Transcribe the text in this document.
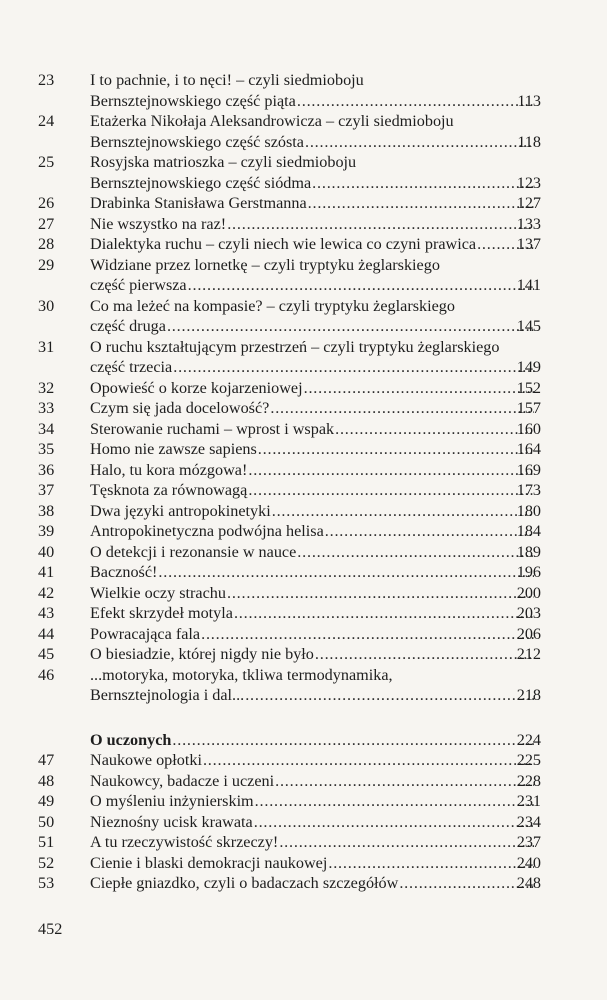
452
23	I to pachnie, i to nęci! – czyli siedmioboju
Bernsztejnowskiego część piąta .....	113
24	Etażerka Nikołaja Aleksandrowicza – czyli siedmioboju
Bernsztejnowskiego część szósta .....	118
25	Rosyjska matrioszka – czyli siedmioboju
Bernsztejnowskiego część siódma .....	123
26	Drabinka Stanisława Gerstmanna .....	127
27	Nie wszystko na raz! .....	133
28	Dialektyka ruchu – czyli niech wie lewica co czyni prawica .....	137
29	Widziane przez lornetkę – czyli tryptyku żeglarskiego
część pierwsza .....	141
30	Co ma leżeć na kompasie? – czyli tryptyku żeglarskiego
część druga .....	145
31	O ruchu kształtującym przestrzeń – czyli tryptyku żeglarskiego
część trzecia .....	149
32	Opowieść o korze kojarzeniowej .....	152
33	Czym się jada docelowość? .....	157
34	Sterowanie ruchami – wprost i wspak .....	160
35	Homo nie zawsze sapiens .....	164
36	Halo, tu kora mózgowa! .....	169
37	Tęsknota za równowagą .....	173
38	Dwa języki antropokinetyki .....	180
39	Antropokinetyczna podwójna helisa .....	184
40	O detekcji i rezonansie w nauce .....	189
41	Baczność! .....	196
42	Wielkie oczy strachu .....	200
43	Efekt skrzydeł motyla .....	203
44	Powracająca fala .....	206
45	O biesiadzie, której nigdy nie było .....	212
46	...motoryka, motoryka, tkliwa termodynamika,
Bernsztejnologia i dal... .....	218
O uczonych .....	224
47	Naukowe opłotki .....	225
48	Naukowcy, badacze i uczeni .....	228
49	O myśleniu inżynierskim .....	231
50	Nieznośny ucisk krawata .....	234
51	A tu rzeczywistość skrzeczy! .....	237
52	Cienie i blaski demokracji naukowej .....	240
53	Ciepłe gniazdko, czyli o badaczach szczegółów .....	248
